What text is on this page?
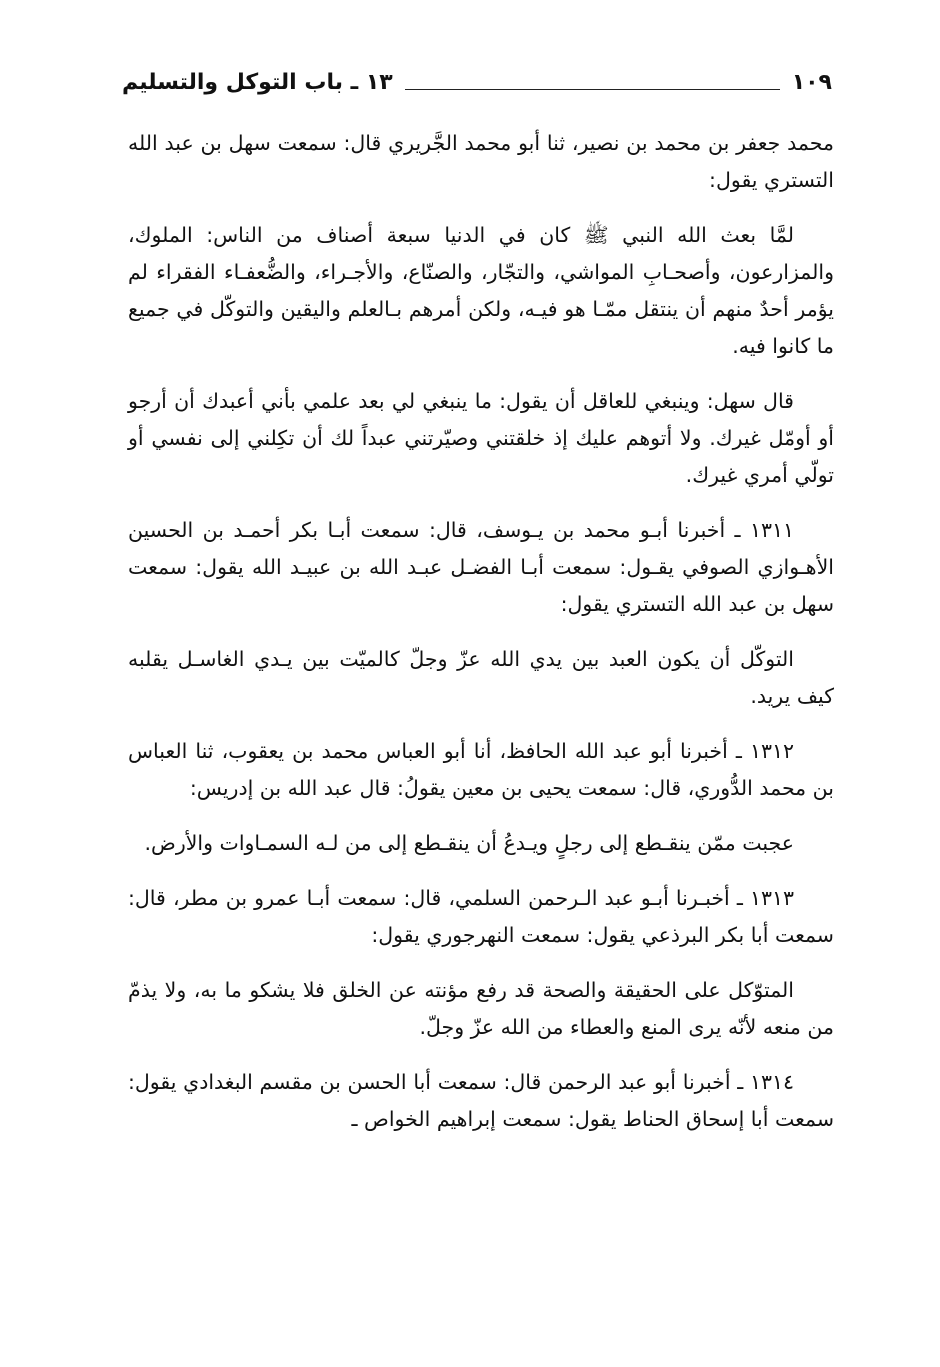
١٣ ـ باب التوكل والتسليم	١٠٩

محمد جعفر بن محمد بن نصير، ثنا أبو محمد الجَّريري قال: سمعت سهل بن عبد الله التستري يقول:

لمَّا بعث الله النبي ﷺ كان في الدنيا سبعة أصناف من الناس: الملوك، والمزارعون، وأصحـابِ المواشي، والتجّار، والصنّاع، والأجـراء، والضُّعفـاء الفقراء لم يؤمر أحدٌ منهم أن ينتقل ممّـا هو فيـه، ولكن أمرهم بـالعلم واليقين والتوكّل في جميع ما كانوا فيه.

قال سهل: وينبغي للعاقل أن يقول: ما ينبغي لي بعد علمي بأني أعبدك أن أرجو أو أومّل غيرك. ولا أتوهم عليك إذ خلقتني وصيّرتني عبداً لك أن تكِلني إلى نفسي أو تولّي أمري غيرك.

١٣١١ ـ أخبرنا أبـو محمد بن يـوسف، قال: سمعت أبـا بكر أحمـد بن الحسين الأهـوازي الصوفي يقـول: سمعت أبـا الفضـل عبـد الله بن عبيـد الله يقول: سمعت سهل بن عبد الله التستري يقول:

التوكّل أن يكون العبد بين يدي الله عزّ وجلّ كالميّت بين يـدي الغاسـل يقلبه كيف يريد.

١٣١٢ ـ أخبرنا أبو عبد الله الحافظ، أنا أبو العباس محمد بن يعقوب، ثنا العباس بن محمد الدُّوري، قال: سمعت يحيى بن معين يقولُ: قال عبد الله بن إدريس:

عجبت ممّن ينقـطع إلى رجلٍ ويـدعُ أن ينقـطع إلى من لـه السمـاوات والأرض.

١٣١٣ ـ أخبـرنا أبـو عبد الـرحمن السلمي، قال: سمعت أبـا عمرو بن مطر، قال: سمعت أبا بكر البرذعي يقول: سمعت النهرجوري يقول:

المتوّكل على الحقيقة والصحة قد رفع مؤنته عن الخلق فلا يشكو ما به، ولا يذمّ من منعه لأنّه يرى المنع والعطاء من الله عزّ وجلّ.

١٣١٤ ـ أخبرنا أبو عبد الرحمن قال: سمعت أبا الحسن بن مقسم البغدادي يقول: سمعت أبا إسحاق الحناط يقول: سمعت إبراهيم الخواص ـ
